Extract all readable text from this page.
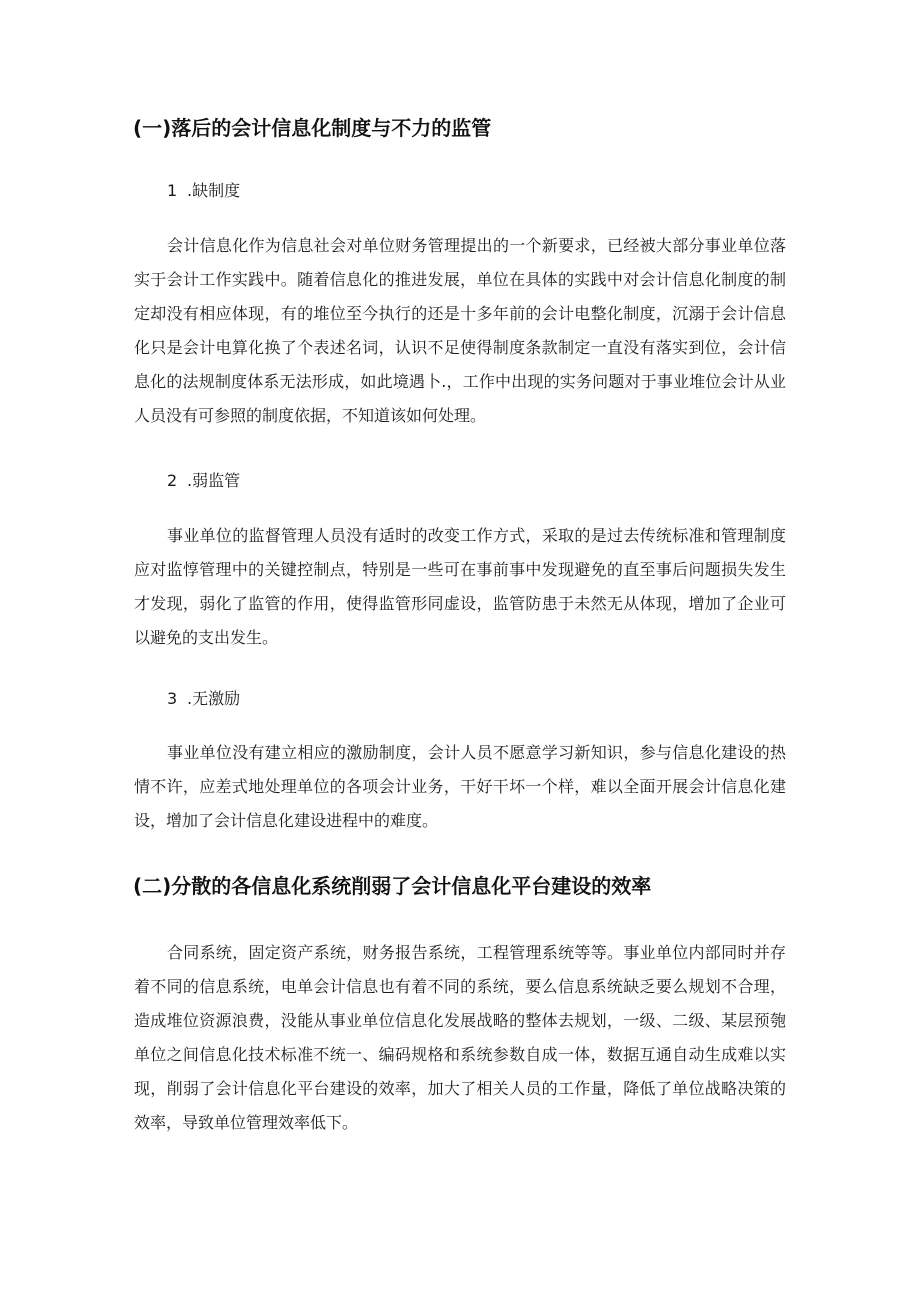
(一)落后的会计信息化制度与不力的监管
1 .缺制度

会计信息化作为信息社会对单位财务管理提出的一个新要求，已经被大部分事业单位落实于会计工作实践中。随着信息化的推进发展，单位在具体的实践中对会计信息化制度的制定却没有相应体现，有的堆位至今执行的还是十多年前的会计电整化制度，沉溺于会计信息化只是会计电算化换了个表述名词，认识不足使得制度条款制定一直没有落实到位，会计信息化的法规制度体系无法形成，如此境遇卜.，工作中出现的实务问题对于事业堆位会计从业人员没有可参照的制度依据，不知道该如何处理。

2 .弱监管

事业单位的监督管理人员没有适时的改变工作方式，采取的是过去传统标准和管理制度应对监惇管理中的关键控制点，特别是一些可在事前事中发现避免的直至事后问题损失发生才发现，弱化了监管的作用，使得监管形同虚设，监管防患于未然无从体现，增加了企业可以避免的支出发生。

3 .无激励

事业单位没有建立相应的激励制度，会计人员不愿意学习新知识，参与信息化建设的热情不许，应差式地处理单位的各项会计业务，干好干坏一个样，难以全面开展会计信息化建设，增加了会计信息化建设进程中的难度。

(二)分散的各信息化系统削弱了会计信息化平台建设的效率

合同系统，固定资产系统，财务报告系统，工程管理系统等等。事业单位内部同时并存着不同的信息系统，电单会计信息也有着不同的系统，要么信息系统缺乏要么规划不合理，造成堆位资源浪费，没能从事业单位信息化发展战略的整体去规划，一级、二级、某层预匏单位之间信息化技术标准不统一、编码规格和系统参数自成一体，数据互通自动生成难以实现，削弱了会计信息化平台建设的效率，加大了相关人员的工作量，降低了单位战略决策的效率，导致单位管理效率低下。
